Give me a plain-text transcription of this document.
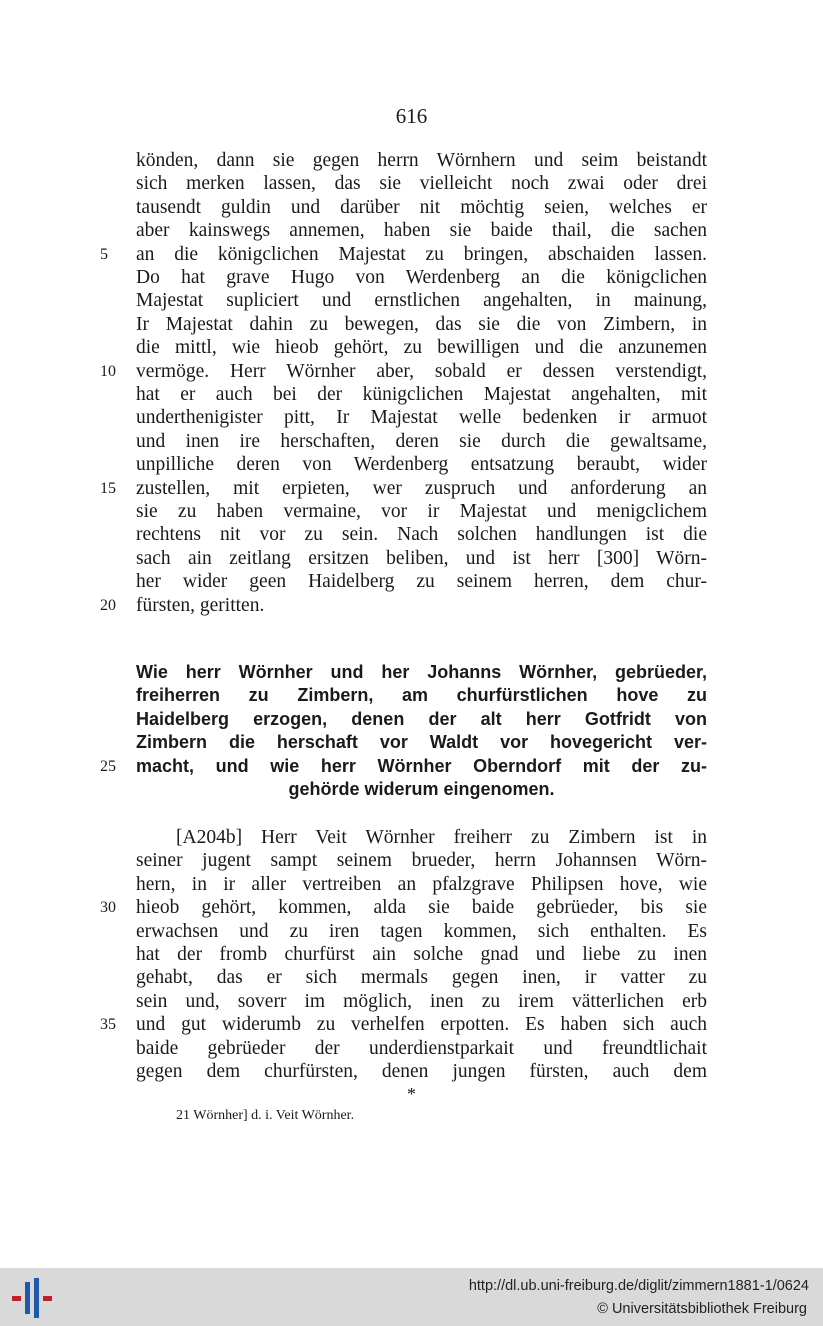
616
könden, dann sie gegen herrn Wörnhern und seim beistandt
sich merken lassen, das sie vielleicht noch zwai oder drei
tausendt guldin und darüber nit möchtig seien, welches er
aber kainswegs annemen, haben sie baide thail, die sachen
an die königclichen Majestat zu bringen, abschaiden lassen.
5
Do hat grave Hugo von Werdenberg an die königclichen
Majestat supliciert und ernstlichen angehalten, in mainung,
Ir Majestat dahin zu bewegen, das sie die von Zimbern, in
die mittl, wie hieob gehört, zu bewilligen und die anzunemen
vermöge. Herr Wörnher aber, sobald er dessen verstendigt,
10
hat er auch bei der künigclichen Majestat angehalten, mit
underthenigister pitt, Ir Majestat welle bedenken ir armuot
und inen ire herschaften, deren sie durch die gewaltsame,
unpilliche deren von Werdenberg entsatzung beraubt, wider
zustellen, mit erpieten, wer zuspruch und anforderung an
15
sie zu haben vermaine, vor ir Majestat und menigclichem
rechtens nit vor zu sein. Nach solchen handlungen ist die
sach ain zeitlang ersitzen beliben, und ist herr [300] Wörn-
her wider geen Haidelberg zu seinem herren, dem chur-
fürsten, geritten.
20
Wie herr Wörnher und her Johanns Wörnher, gebrüeder,
freiherren zu Zimbern, am churfürstlichen hove zu
Haidelberg erzogen, denen der alt herr Gotfridt von
Zimbern die herschaft vor Waldt vor hovegericht ver-
macht, und wie herr Wörnher Oberndorf mit der zu-
25
gehörde widerum eingenomen.
[A204b] Herr Veit Wörnher freiherr zu Zimbern ist in
seiner jugent sampt seinem brueder, herrn Johannsen Wörn-
hern, in ir aller vertreiben an pfalzgrave Philipsen hove, wie
hieob gehört, kommen, alda sie baide gebrüeder, bis sie
30
erwachsen und zu iren tagen kommen, sich enthalten. Es
hat der fromb churfürst ain solche gnad und liebe zu inen
gehabt, das er sich mermals gegen inen, ir vatter zu
sein und, soverr im möglich, inen zu irem vätterlichen erb
und gut widerumb zu verhelfen erpotten. Es haben sich auch
35
baide gebrüeder der underdienstparkait und freundtlichait
gegen dem churfürsten, denen jungen fürsten, auch dem
*
21 Wörnher] d. i. Veit Wörnher.
http://dl.ub.uni-freiburg.de/diglit/zimmern1881-1/0624
© Universitätsbibliothek Freiburg
